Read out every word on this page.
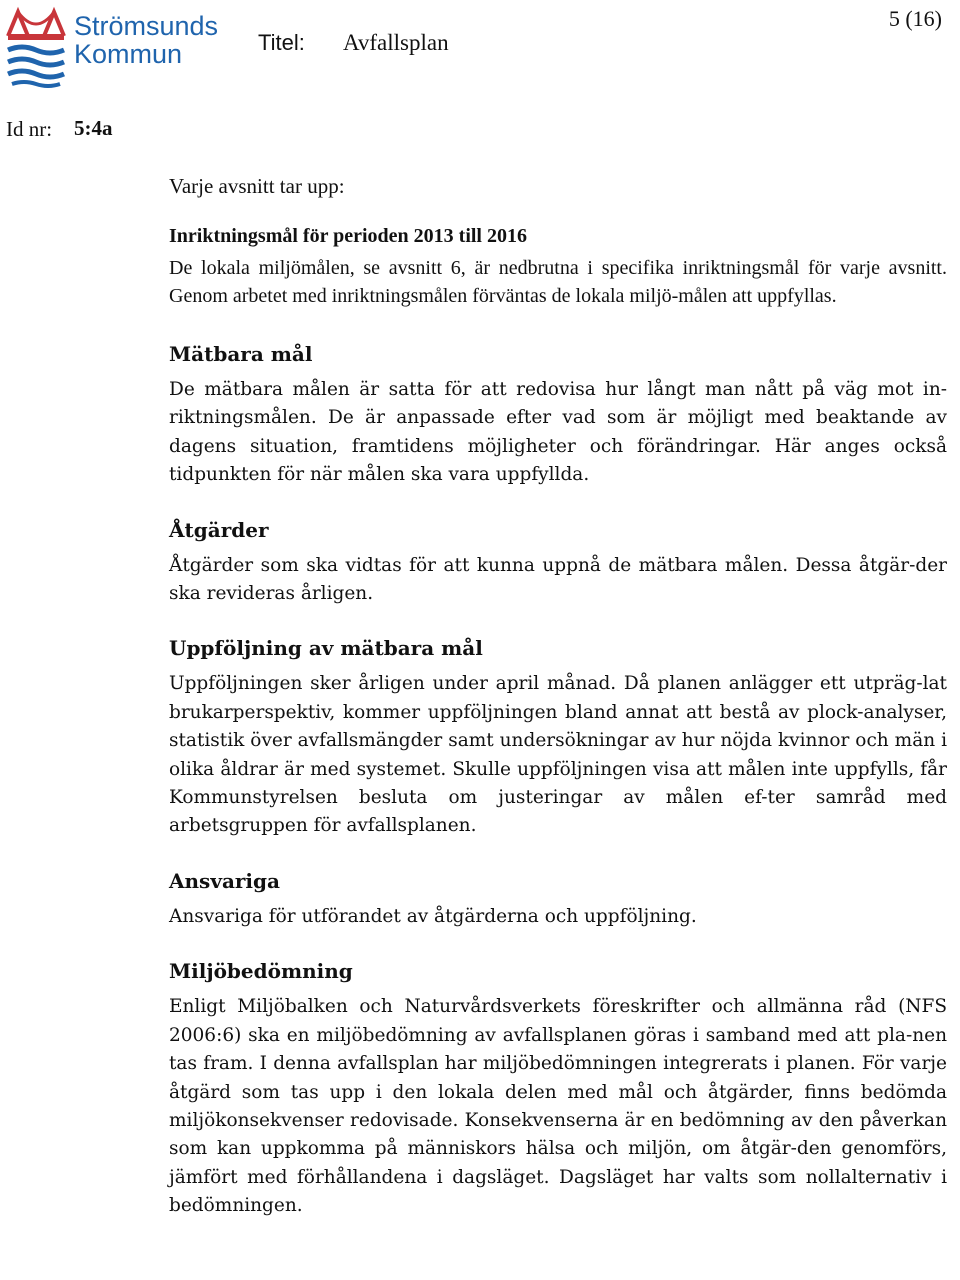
Strömsunds
Kommun	Titel: Avfallsplan
5 (16)
Id nr: 5:4a
Varje avsnitt tar upp:
Inriktningsmål för perioden 2013 till 2016

De lokala miljömålen, se avsnitt 6, är nedbrutna i specifika inriktningsmål för varje avsnitt. Genom arbetet med inriktningsmålen förväntas de lokala miljö-målen att uppfyllas.

Mätbara mål

De mätbara målen är satta för att redovisa hur långt man nått på väg mot in-riktningsmålen. De är anpassade efter vad som är möjligt med beaktande av dagens situation, framtidens möjligheter och förändringar. Här anges också tidpunkten för när målen ska vara uppfyllda.

Åtgärder

Åtgärder som ska vidtas för att kunna uppnå de mätbara målen. Dessa åtgär-der ska revideras årligen.

Uppföljning av mätbara mål

Uppföljningen sker årligen under april månad. Då planen anlägger ett utpräg-lat brukarperspektiv, kommer uppföljningen bland annat att bestå av plock-analyser, statistik över avfallsmängder samt undersökningar av hur nöjda kvinnor och män i olika åldrar är med systemet. Skulle uppföljningen visa att målen inte uppfylls, får Kommunstyrelsen besluta om justeringar av målen ef-ter samråd med arbetsgruppen för avfallsplanen.

Ansvariga

Ansvariga för utförandet av åtgärderna och uppföljning.

Miljöbedömning

Enligt Miljöbalken och Naturvårdsverkets föreskrifter och allmänna råd (NFS 2006:6) ska en miljöbedömning av avfallsplanen göras i samband med att pla-nen tas fram. I denna avfallsplan har miljöbedömningen integrerats i planen. För varje åtgärd som tas upp i den lokala delen med mål och åtgärder, finns bedömda miljökonsekvenser redovisade. Konsekvenserna är en bedömning av den påverkan som kan uppkomma på människors hälsa och miljön, om åtgär-den genomförs, jämfört med förhållandena i dagsläget. Dagsläget har valts som nollalternativ i bedömningen.
